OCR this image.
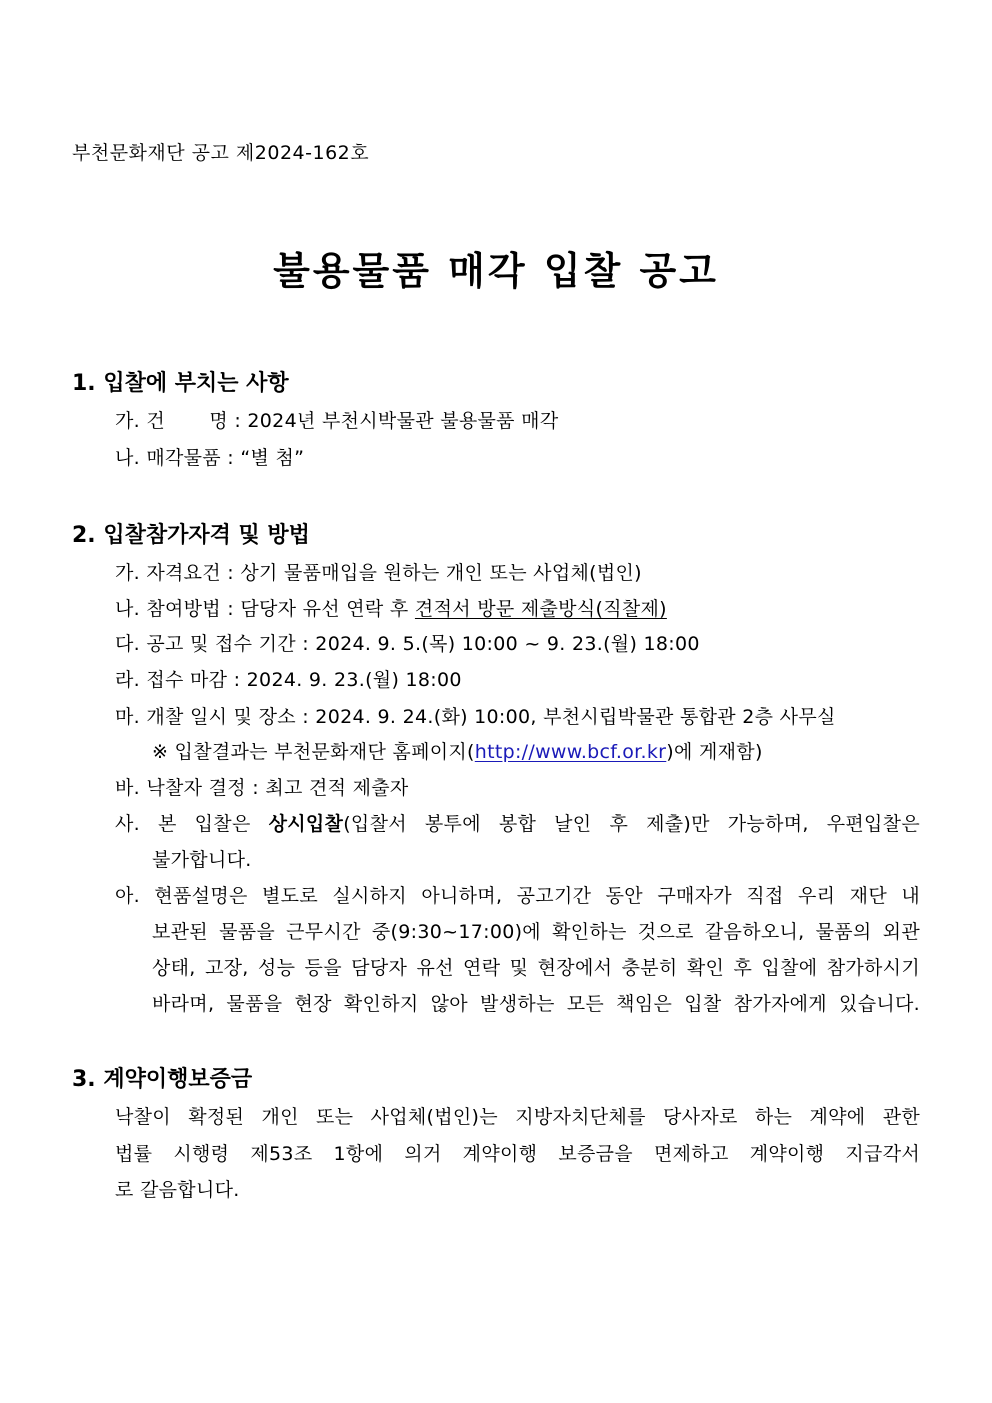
부천문화재단 공고 제2024-162호
불용물품 매각 입찰 공고
1. 입찰에 부치는 사항
가. 건       명 : 2024년 부천시박물관 불용물품 매각
나. 매각물품 : “별 첨”
2. 입찰참가자격 및 방법
가. 자격요건 : 상기 물품매입을 원하는 개인 또는 사업체(법인)
나. 참여방법 : 담당자 유선 연락 후 견적서 방문 제출방식(직찰제)
다. 공고 및 접수 기간 : 2024. 9. 5.(목) 10:00 ~ 9. 23.(월) 18:00
라. 접수 마감 : 2024. 9. 23.(월) 18:00
마. 개찰 일시 및 장소 : 2024. 9. 24.(화) 10:00, 부천시립박물관 통합관 2층 사무실
※ 입찰결과는 부천문화재단 홈페이지(http://www.bcf.or.kr)에 게재함)
바. 낙찰자 결정 : 최고 견적 제출자
사. 본 입찰은 상시입찰(입찰서 봉투에 봉합 날인 후 제출)만 가능하며, 우편입찰은
불가합니다.
아. 현품설명은 별도로 실시하지 아니하며, 공고기간 동안 구매자가 직접 우리 재단 내
보관된 물품을 근무시간 중(9:30~17:00)에 확인하는 것으로 갈음하오니, 물품의 외관
상태, 고장, 성능 등을 담당자 유선 연락 및 현장에서 충분히 확인 후 입찰에 참가하시기
바라며, 물품을 현장 확인하지 않아 발생하는 모든 책임은 입찰 참가자에게 있습니다.
3. 계약이행보증금
낙찰이 확정된 개인 또는 사업체(법인)는 지방자치단체를 당사자로 하는 계약에 관한
법률 시행령 제53조 1항에 의거 계약이행 보증금을 면제하고 계약이행 지급각서
로 갈음합니다.
